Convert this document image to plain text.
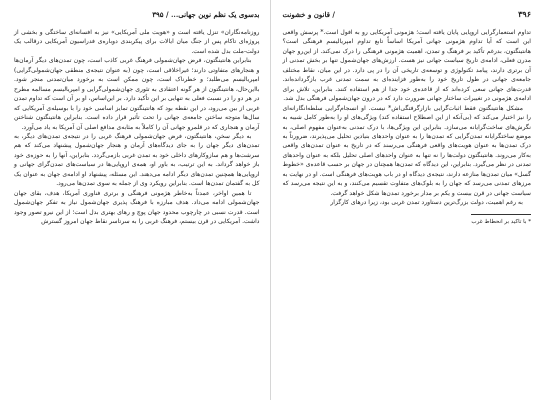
بدسوی یک نظم نوین جهانی... / ۳۹۵

روزنامه‌نگاران» تنزل یافته است و «هویت ملی آمریکایی» نیز به افسانه‌ای ساختگی و بخشی از پروژه‌ای تاکام پس از جنگ میان ایالات برای پیکربندی دوباره‌ی فدراسیون آمریکایی درقالب یک دولت-ملت بدل شده است.

بنابراین هانتینگتون، فرض جهان‌شمولی فرهنگ غربی کاذب است، چون تمدن‌های دیگر آرمان‌ها و هنجارهای متفاوتی دارند؛ غیراخلاقی است، چون (به عنوان نتیجه‌ی منطقی جهان‌شمولی‌گرایی) امپریالیسم می‌طلبد؛ و خطرناک است، چون ممکن است به برخورد میان‌تمدنی منجر شود. بااین‌حال، هانتینگتون از هر گونه اعتقادی به تئوری جهان‌شمولی‌گرایی و امپریالیسم مسالمه مطرح در هر دو را در نسبت فعلی به تنهایی بر این تأکید دارد. بر این‌اساس، او بر آن است که تداوم تمدن غربی از بین می‌رود، در این نقطه بود که هانتینگتون تمایز اساسی خود را با بوسیله‌ی آمریکایی که سال‌ها متوجه ساختن جامعه‌ی جهانی را تحت تأثیر قرار داده است. بنابراین هانتینگتون شناختن آرمان و هنجاری که در قلمرو جهانی آن را کاملاً به مثابه‌ی مدافع اصلی آن آمریکا به یاد می‌آورد.

به دیگر سخن، هانتینگتون، فرض جهان‌شمولی فرهنگ غربی را در نتیجه‌ی تمدن‌های دیگر، به تمدن‌های دیگر جهان را به جای دیدگاه‌های آرمان و هنجار جهان‌شمول پیشنهاد می‌کند که هم سرشت‌ها و هم سازوکارهای داخلی خود به تمدن غربی بازمی‌گردد. بنابراین، آنها را به حوزه‌ی خود باز خواهد گرداند. به این ترتیب، به باور او، همه‌ی اروپایی‌ها در سیاست‌های تمدن‌گرای جهانی و اروپایی‌ها همچنین تمدن‌های دیگر ادامه می‌دهند. این مسئله، پیشنهاد او ادامه‌ی جهان به عنوان یک کل به گفتمان تمدن‌ها است. بنابراین رویکرد وی از جمله به سوی تمدن‌ها می‌رود.

تا همین اواخر، عمدتاً به‌خاطر هژمونی فرهنگی و برتری فناوری آمریکا، هدف، بقای جهان جهان‌شمولی ادامه می‌داد. هدف مبارزه با فرهنگ پذیری جهان‌شمول نیاز به تفکر جهان‌شمول است. قدرت نسبی در چارچوب محدود جهان پوچ و رهای بهتری بدل است؛ از این نیرو تصور وجود داشت. آمریکایی در قرن بیستم، فرهنگ غربی را به سرتاسر نقاط جهان امروز گسترش

۳۹۶
/ قانون و خشونت

تداوم استعمارگرایی اروپایی پایان یافته است؛ هژمونی آمریکایی رو به افول است.* پرسش واقعی این است که آیا تداوم هژمونی جهانی آمریکا اساساً تابع تداوم امپریالیسم فرهنگی است؟ هانتینگتون، بدرغم تأکید بر فرهنگ و تمدن، اهمیت هژمونی فرهنگی را درک نمی‌کند. از این‌رو جهان مدرن فعلی، ادامه‌ی تاریخ سیاست جهانی نیز هست. ارزش‌های جهان‌شمول تنها بر بخش تمدنی از آن برتری دارند، پیامد تکنولوژی و توسعه‌ی تاریخی آن را در پی دارد. در این میان، نقاط مختلف جامعه‌ی جهانی در طول تاریخ خود را به‌طور فزاینده‌ای به سمت تمدنی غرب بازگردانده‌اند. قدرت‌های جهانی سعی کرده‌اند که از قاعده‌ی خود جدا از هم استفاده کنند. بنابراین، تلاش برای ادامه‌ی هژمونی در تغییرات ساختار جهانی ضرورت دارد که در درون جهان‌شمولی فرهنگی بدل شد.

مشکل هانتینگتون فقط اثبات‌گرایی بازارگرفتگی‌اش* نیست. او انسجام‌گرایی سلطه‌انگارانه‌ای را نیز اختیار می‌کند که (بی‌آنکه از این اصطلاح استفاده کند) ویژگی‌های او را به‌طور کامل شبیه به نگرش‌های ساخت‌گرایانه می‌سازد. بنابراین این ویژگی‌ها، با درک تمدنی به‌عنوان مفهوم اصلی، به موضع ساختگرایانه تمدن‌گرایی که تمدن‌ها را به عنوان واحدهای بنیادین تحلیل می‌پذیرند، ضرورتاً به درک تمدن‌ها به عنوان هویت‌های واقعی فرهنگی می‌رسند که در تاریخ به عنوان تمدن‌های واقعی به‌کار می‌روند. هانتینگتون دولت‌ها را نه تنها به عنوان واحدهای اصلی تحلیل بلکه به عنوان واحدهای تمدنی در نظر می‌گیرد. بنابراین، این دیدگاه که تمدن‌ها همچنان در جهان بر حسب قاعده‌ی «خطوط گسل» میان تمدن‌ها منازعه دارند، نتیجه‌ی دیدگاه او در باب هویت‌های فرهنگی است. او در نهایت به مرزهای تمدنی می‌رسد که جهان را به بلوک‌های متفاوت تقسیم می‌کنند، و به این نتیجه می‌رسد که سیاست جهانی در قرن بیست و یکم بر مدار برخورد تمدن‌ها شکل خواهد گرفت.

به رغم اهمیت، دولت بزرگ‌ترین دستاورد تمدن غربی بود، زیرا درهای کارگزار

* با تاکید بر انحطاط غرب
